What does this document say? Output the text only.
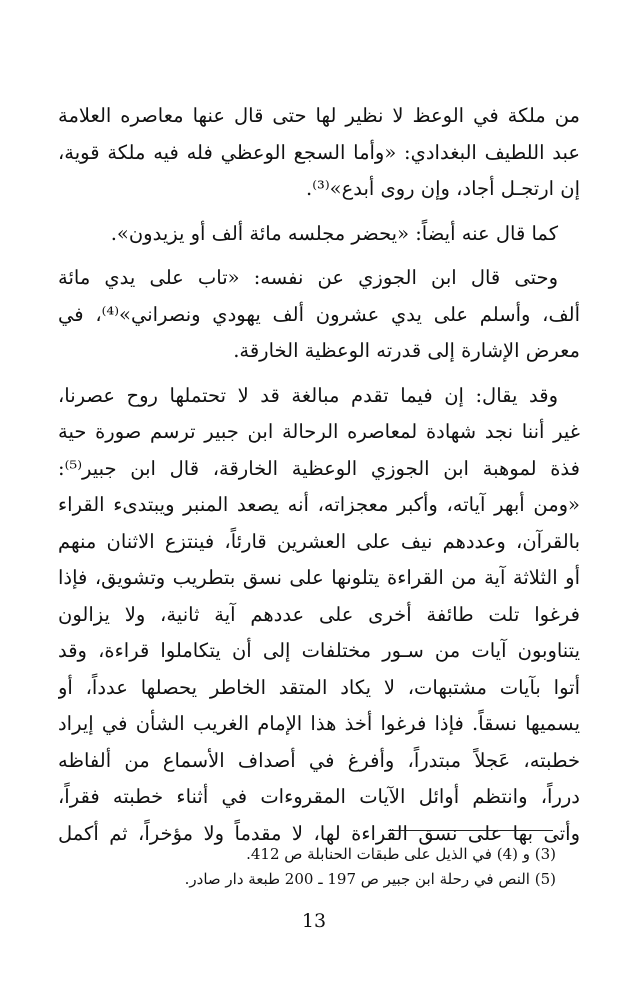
من ملكة في الوعظ لا نظير لها حتى قال عنها معاصره العلامة
عبد اللطيف البغدادي: «وأما السجع الوعظي فله فيه ملكة قوية،
إن ارتجـل أجاد، وإن روى أبدع»⁽³⁾.
كما قال عنه أيضاً: «يحضر مجلسه مائة ألف أو يزيدون».
وحتى قال ابن الجوزي عن نفسه: «تاب على يدي مائة
ألف، وأسلم على يدي عشرون ألف يهودي ونصراني»⁽⁴⁾، في
معرض الإشارة إلى قدرته الوعظية الخارقة.
وقد يقال: إن فيما تقدم مبالغة قد لا تحتملها روح عصرنا،
غير أننا نجد شهادة لمعاصره الرحالة ابن جبير ترسم صورة حية
فذة لموهبة ابن الجوزي الوعظية الخارقة، قال ابن جبير⁽⁵⁾:
«ومن أبهر آياته، وأكبر معجزاته، أنه يصعد المنبر ويبتدىء القراء
بالقرآن، وعددهم نيف على العشرين قارئاً، فينتزع الاثنان منهم
أو الثلاثة آية من القراءة يتلونها على نسق بتطريب وتشويق، فإذا
فرغوا تلت طائفة أخرى على عددهم آية ثانية، ولا يزالون
يتناوبون آيات من سـور مختلفات إلى أن يتكاملوا قراءة، وقد
أتوا بآيات مشتبهات، لا يكاد المتقد الخاطر يحصلها عدداً، أو
يسميها نسقاً. فإذا فرغوا أخذ هذا الإمام الغريب الشأن في إيراد
خطبته، عَجلاً مبتدراً، وأفرغ في أصداف الأسماع من ألفاظه
درراً، وانتظم أوائل الآيات المقروءات في أثناء خطبته فقراً،
وأتى بها على نسق القراءة لها، لا مقدماً ولا مؤخراً، ثم أكمل
(3) و (4) في الذيل على طبقات الحنابلة ص 412.
(5) النص في رحلة ابن جبير ص 197 ـ 200 طبعة دار صادر.
13
